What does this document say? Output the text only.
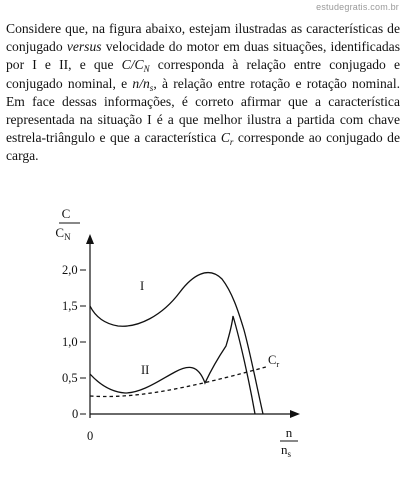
estudegratis.com.br

Considere que, na figura abaixo, estejam ilustradas as características de conjugado versus velocidade do motor em duas situações, identificadas por I e II, e que $C/C_N$ corresponda à relação entre conjugado e conjugado nominal, e $n/n_s$, à relação entre rotação e rotação nominal. Em face dessas informações, é correto afirmar que a característica representada na situação I é a que melhor ilustra a partida com chave estrela-triângulo e que a característica $C_r$ corresponde ao conjugado de carga.

C
$C_N$
2,0
1,5
1,0
0,5
0
0	n
$n_s$
I
II
$C_r$
